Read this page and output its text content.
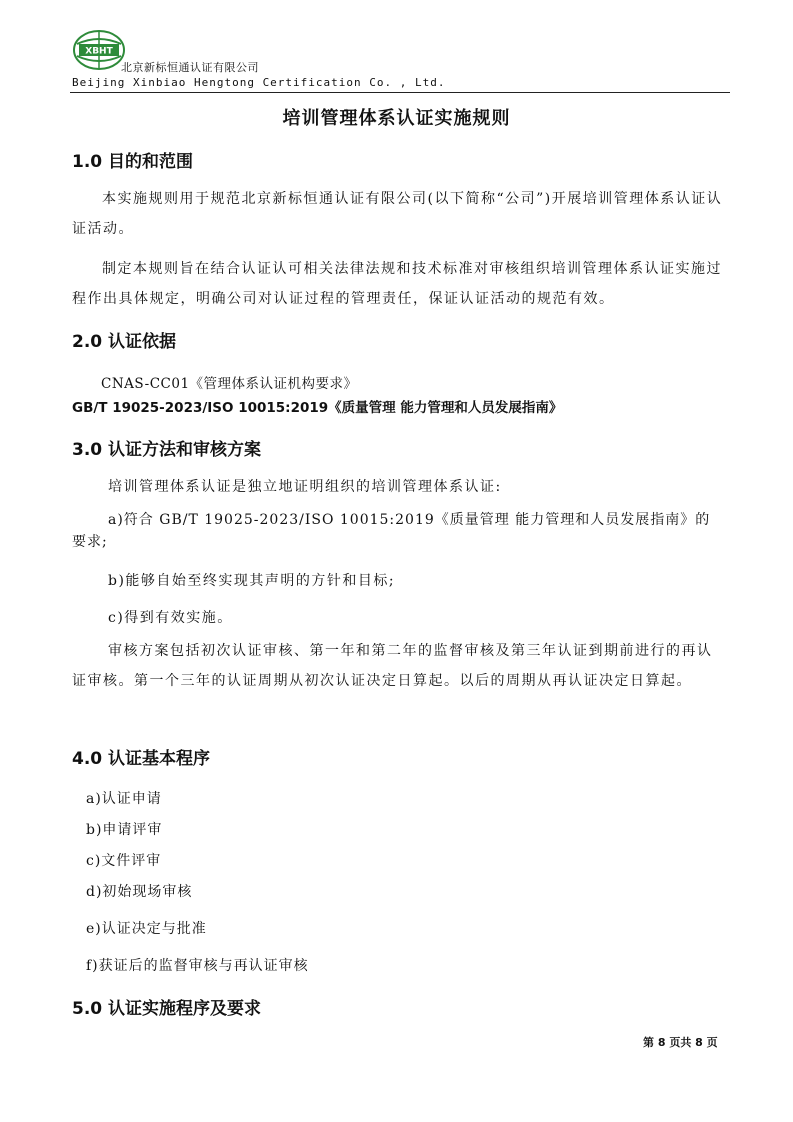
XBHT
北京新标恒通认证有限公司
Beijing Xinbiao Hengtong Certification Co. , Ltd.
培训管理体系认证实施规则
1.0 目的和范围
本实施规则用于规范北京新标恒通认证有限公司(以下简称“公司”)开展培训管理体系认证认证活动。
制定本规则旨在结合认证认可相关法律法规和技术标准对审核组织培训管理体系认证实施过程作出具体规定，明确公司对认证过程的管理责任，保证认证活动的规范有效。
2.0 认证依据
CNAS-CC01《管理体系认证机构要求》
GB/T 19025-2023/ISO 10015:2019《质量管理 能力管理和人员发展指南》
3.0 认证方法和审核方案
培训管理体系认证是独立地证明组织的培训管理体系认证:
a)符合 GB/T 19025-2023/ISO 10015:2019《质量管理 能力管理和人员发展指南》的要求;
b)能够自始至终实现其声明的方针和目标;
c)得到有效实施。
审核方案包括初次认证审核、第一年和第二年的监督审核及第三年认证到期前进行的再认证审核。第一个三年的认证周期从初次认证决定日算起。以后的周期从再认证决定日算起。
4.0 认证基本程序
a)认证申请
b)申请评审
c)文件评审
d)初始现场审核
e)认证决定与批准
f)获证后的监督审核与再认证审核
5.0 认证实施程序及要求
第 8 页共 8 页
